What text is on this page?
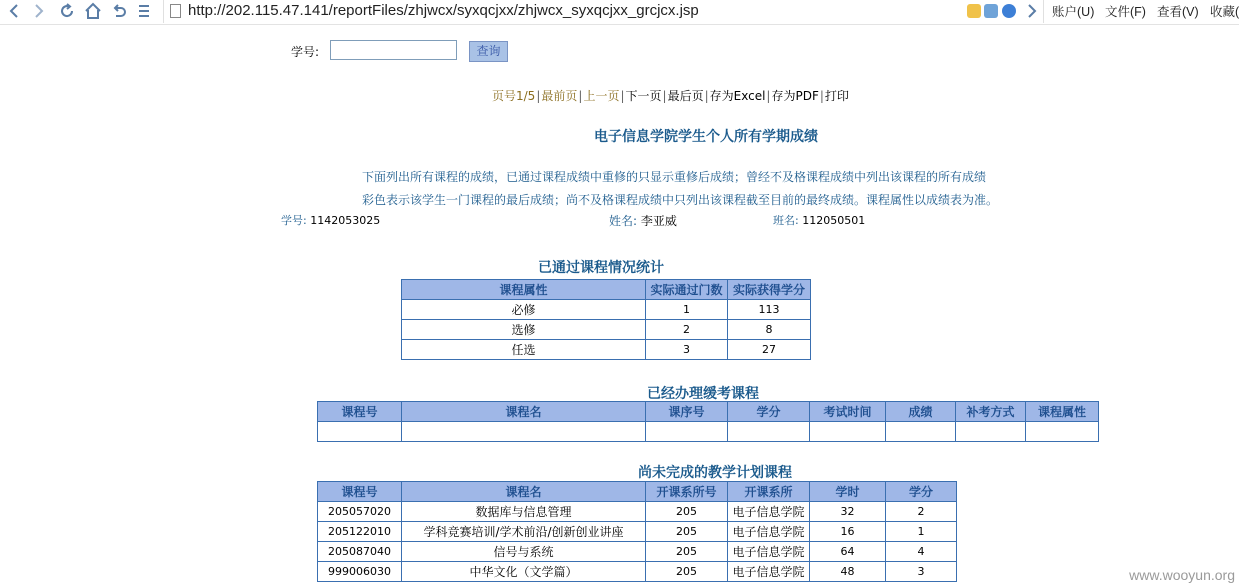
http://202.115.47.141/reportFiles/zhjwcx/syxqcjxx/zhjwcx_syxqcjxx_grcjcx.jsp	账户(U) 文件(F) 查看(V) 收藏(
学号:	查询
页号1/5|最前页|上一页|下一页|最后页|存为Excel|存为PDF|打印
电子信息学院学生个人所有学期成绩
下面列出所有课程的成绩，已通过课程成绩中重修的只显示重修后成绩；曾经不及格课程成绩中列出该课程的所有成绩
彩色表示该学生一门课程的最后成绩；尚不及格课程成绩中只列出该课程截至目前的最终成绩。课程属性以成绩表为准。
学号: 1142053025	姓名: 李亚威	班名: 112050501
已通过课程情况统计
课程属性	实际通过门数	实际获得学分
必修	1	113
选修	2	8
任选	3	27
已经办理缓考课程
课程号	课程名	课序号	学分	考试时间	成绩	补考方式	课程属性

尚未完成的教学计划课程
课程号	课程名	开课系所号	开课系所	学时	学分
205057020	数据库与信息管理	205	电子信息学院	32	2
205122010	学科竞赛培训/学术前沿/创新创业讲座	205	电子信息学院	16	1
205087040	信号与系统	205	电子信息学院	64	4
999006030	中华文化（文学篇）	205	电子信息学院	48	3	www.wooyun.org
